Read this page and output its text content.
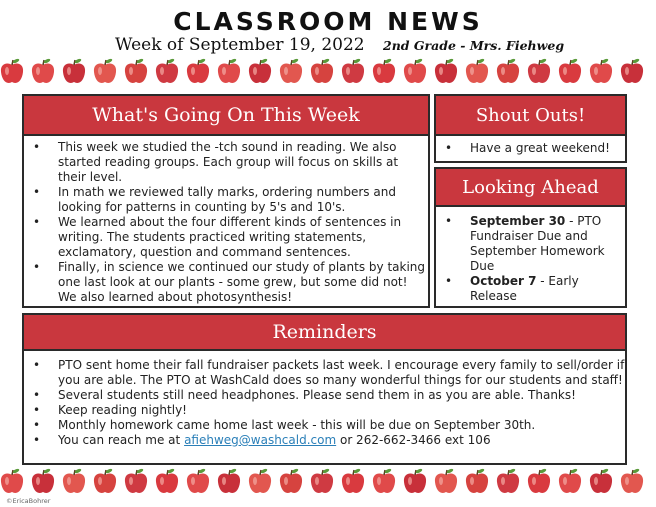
CLASSROOM NEWS
Week of September 19, 2022 2nd Grade - Mrs. Fiehweg
What's Going On This Week
• This week we studied the -tch sound in reading. We also started reading groups. Each group will focus on skills at their level.
• In math we reviewed tally marks, ordering numbers and looking for patterns in counting by 5's and 10's.
• We learned about the four different kinds of sentences in writing. The students practiced writing statements, exclamatory, question and command sentences.
• Finally, in science we continued our study of plants by taking one last look at our plants - some grew, but some did not! We also learned about photosynthesis!
Shout Outs!
• Have a great weekend!
Looking Ahead
• September 30 - PTO Fundraiser Due and September Homework Due
• October 7 - Early Release
Reminders
• PTO sent home their fall fundraiser packets last week. I encourage every family to sell/order if you are able. The PTO at WashCald does so many wonderful things for our students and staff!
• Several students still need headphones. Please send them in as you are able. Thanks!
• Keep reading nightly!
• Monthly homework came home last week - this will be due on September 30th.
• You can reach me at afiehweg@washcald.com or 262-662-3466 ext 106
©EricaBohrer
